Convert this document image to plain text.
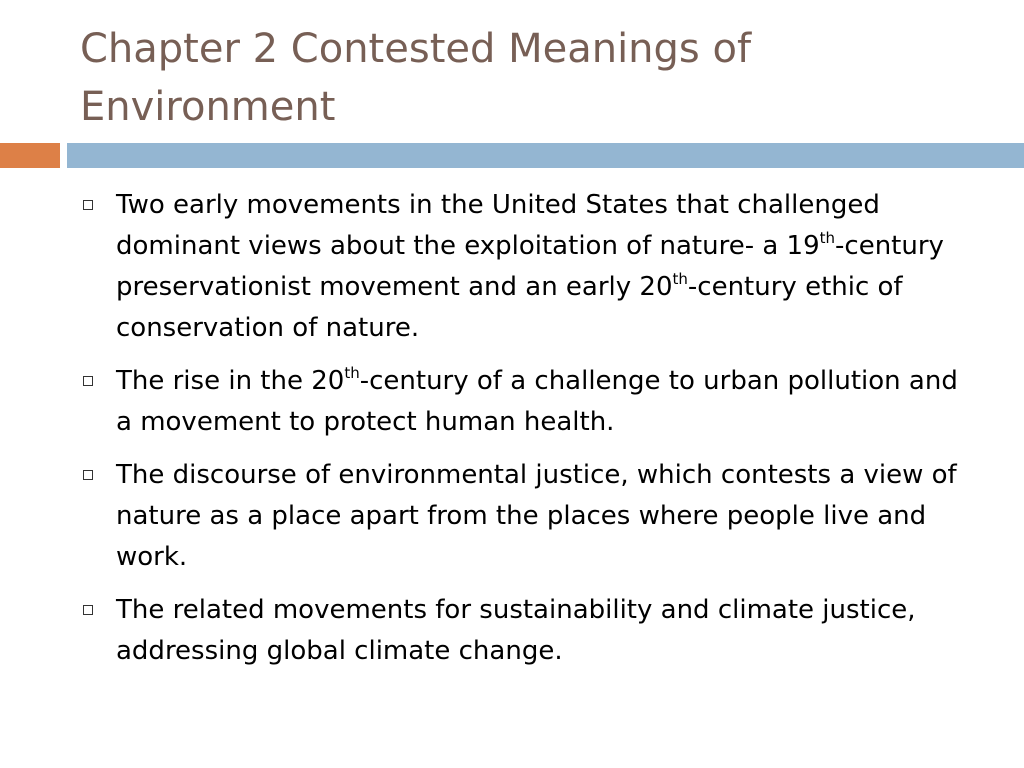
Chapter 2 Contested Meanings of Environment
Two early movements in the United States that challenged dominant views about the exploitation of nature- a 19th-century preservationist movement and an early 20th-century ethic of conservation of nature.
The rise in the 20th-century of a challenge to urban pollution and a movement to protect human health.
The discourse of environmental justice, which contests a view of nature as a place apart from the places where people live and work.
The related movements for sustainability and climate justice, addressing global climate change.
